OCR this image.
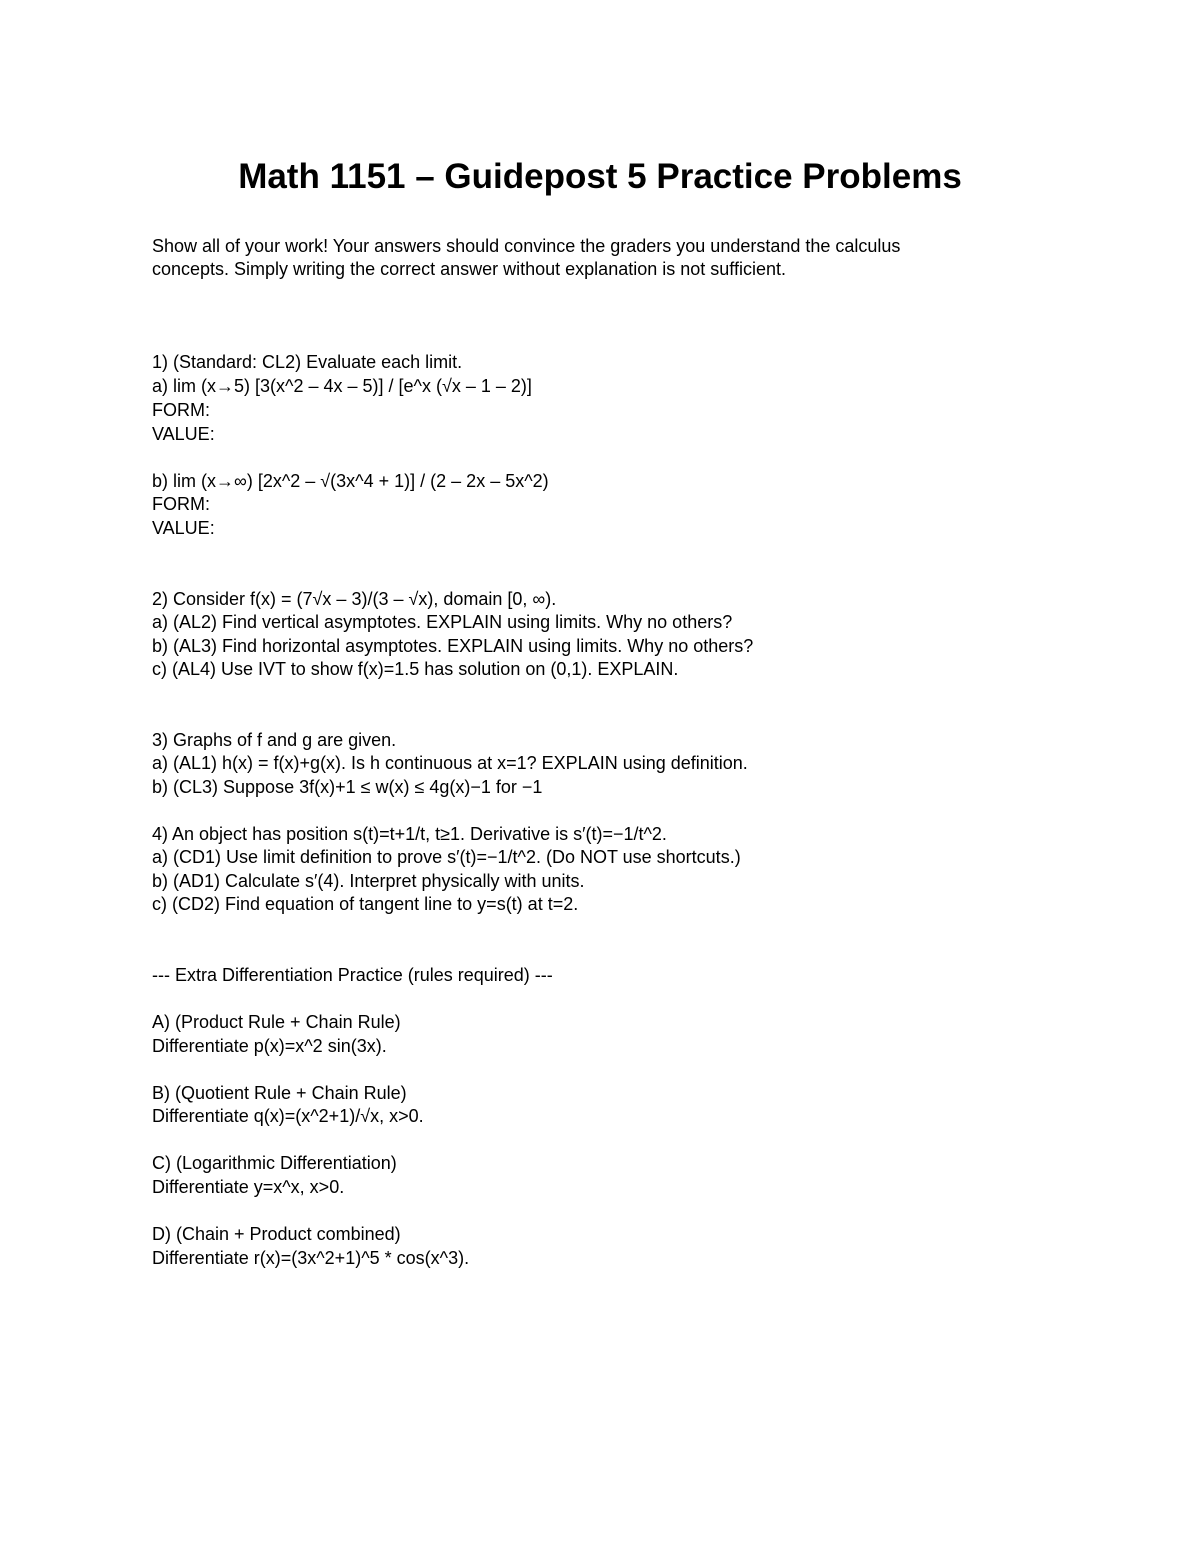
Math 1151 – Guidepost 5 Practice Problems

Show all of your work! Your answers should convince the graders you understand the calculus

concepts. Simply writing the correct answer without explanation is not sufficient.

1) (Standard: CL2) Evaluate each limit.

a) lim (x→5) [3(x^2 – 4x – 5)] / [e^x (√x – 1 – 2)]

FORM:

VALUE:

b) lim (x→∞) [2x^2 – √(3x^4 + 1)] / (2 – 2x – 5x^2)

FORM:

VALUE:

2) Consider f(x) = (7√x – 3)/(3 – √x), domain [0, ∞).

a) (AL2) Find vertical asymptotes. EXPLAIN using limits. Why no others?

b) (AL3) Find horizontal asymptotes. EXPLAIN using limits. Why no others?

c) (AL4) Use IVT to show f(x)=1.5 has solution on (0,1). EXPLAIN.

3) Graphs of f and g are given.

a) (AL1) h(x) = f(x)+g(x). Is h continuous at x=1? EXPLAIN using definition.

b) (CL3) Suppose 3f(x)+1 ≤ w(x) ≤ 4g(x)−1 for −1

4) An object has position s(t)=t+1/t, t≥1. Derivative is s′(t)=−1/t^2.

a) (CD1) Use limit definition to prove s′(t)=−1/t^2. (Do NOT use shortcuts.)

b) (AD1) Calculate s′(4). Interpret physically with units.

c) (CD2) Find equation of tangent line to y=s(t) at t=2.

--- Extra Differentiation Practice (rules required) ---

A) (Product Rule + Chain Rule)

Differentiate p(x)=x^2 sin(3x).

B) (Quotient Rule + Chain Rule)

Differentiate q(x)=(x^2+1)/√x, x>0.

C) (Logarithmic Differentiation)

Differentiate y=x^x, x>0.

D) (Chain + Product combined)

Differentiate r(x)=(3x^2+1)^5 * cos(x^3).
